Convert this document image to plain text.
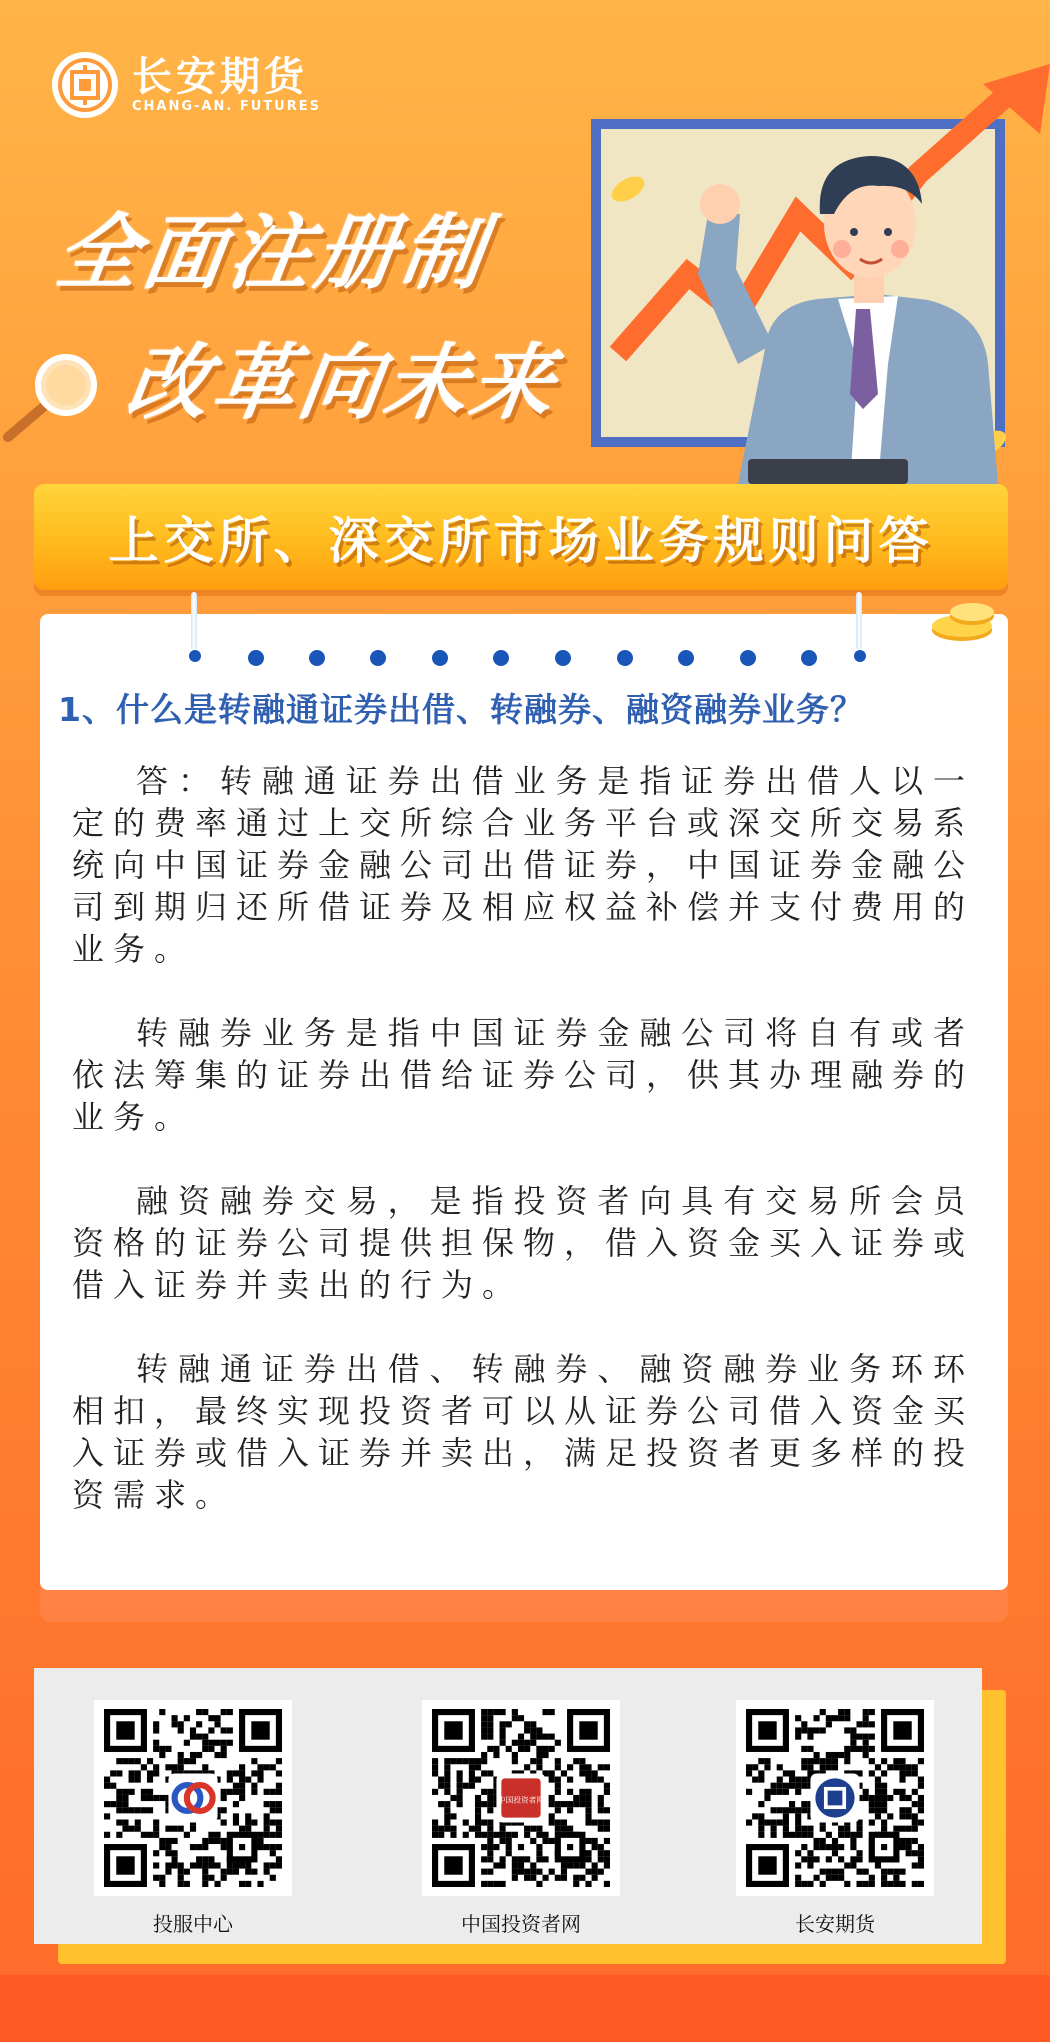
长安期货
CHANG-AN. FUTURES
全面注册制
改革向未来
上交所、深交所市场业务规则问答
1、什么是转融通证券出借、转融券、融资融券业务？

答：转融通证券出借业务是指证券出借人以一定的费率通过上交所综合业务平台或深交所交易系统向中国证券金融公司出借证券，中国证券金融公司到期归还所借证券及相应权益补偿并支付费用的业务。

转融券业务是指中国证券金融公司将自有或者依法筹集的证券出借给证券公司，供其办理融券的业务。

融资融券交易，是指投资者向具有交易所会员资格的证券公司提供担保物，借入资金买入证券或借入证券并卖出的行为。

转融通证券出借、转融券、融资融券业务环环相扣，最终实现投资者可以从证券公司借入资金买入证券或借入证券并卖出，满足投资者更多样的投资需求。

投服中心
中国投资者网
中国投资者网	长安期货
